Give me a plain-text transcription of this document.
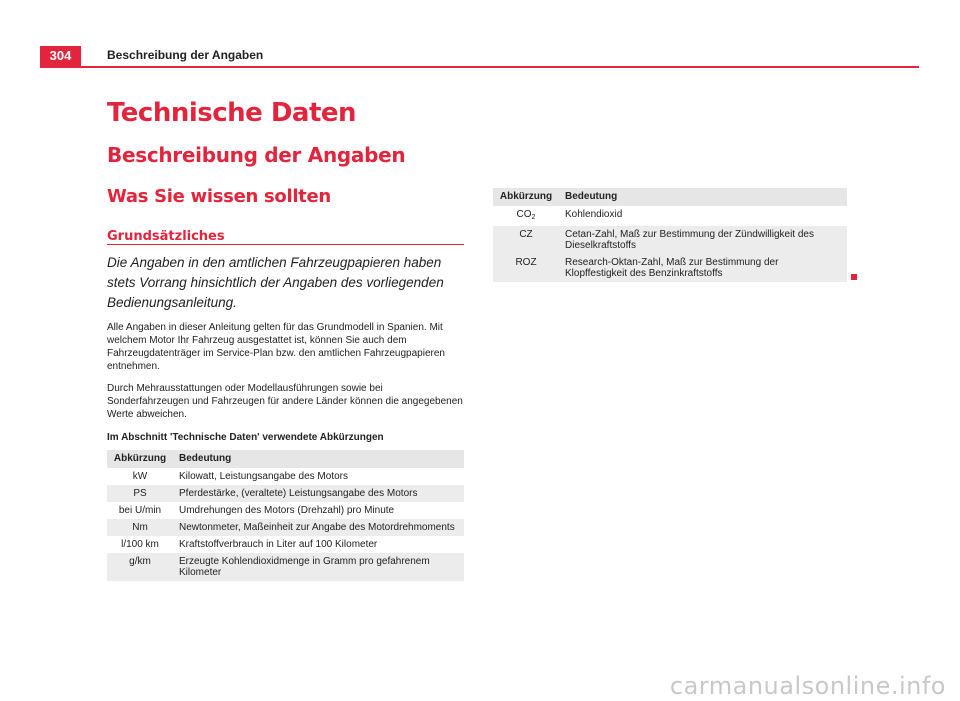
304	Beschreibung der Angaben
Technische Daten
Beschreibung der Angaben
Was Sie wissen sollten
Grundsätzliches
Die Angaben in den amtlichen Fahrzeugpapieren haben stets Vorrang hinsichtlich der Angaben des vorliegenden Bedienungsanleitung.
Alle Angaben in dieser Anleitung gelten für das Grundmodell in Spanien. Mit welchem Motor Ihr Fahrzeug ausgestattet ist, können Sie auch dem Fahrzeugdatenträger im Service-Plan bzw. den amtlichen Fahrzeugpapieren entnehmen.
Durch Mehrausstattungen oder Modellausführungen sowie bei Sonderfahrzeugen und Fahrzeugen für andere Länder können die angegebenen Werte abweichen.
Im Abschnitt 'Technische Daten' verwendete Abkürzungen
Abkürzung	Bedeutung
kW	Kilowatt, Leistungsangabe des Motors
PS	Pferdestärke, (veraltete) Leistungsangabe des Motors
bei U/min	Umdrehungen des Motors (Drehzahl) pro Minute
Nm	Newtonmeter, Maßeinheit zur Angabe des Motordrehmoments
l/100 km	Kraftstoffverbrauch in Liter auf 100 Kilometer
g/km	Erzeugte Kohlendioxidmenge in Gramm pro gefahrenem Kilometer
Abkürzung	Bedeutung
$CO_2$	Kohlendioxid
CZ	Cetan-Zahl, Maß zur Bestimmung der Zündwilligkeit des Dieselkraftstoffs
ROZ	Research-Oktan-Zahl, Maß zur Bestimmung der Klopffestigkeit des Benzinkraftstoffs
carmanualsonline.info
